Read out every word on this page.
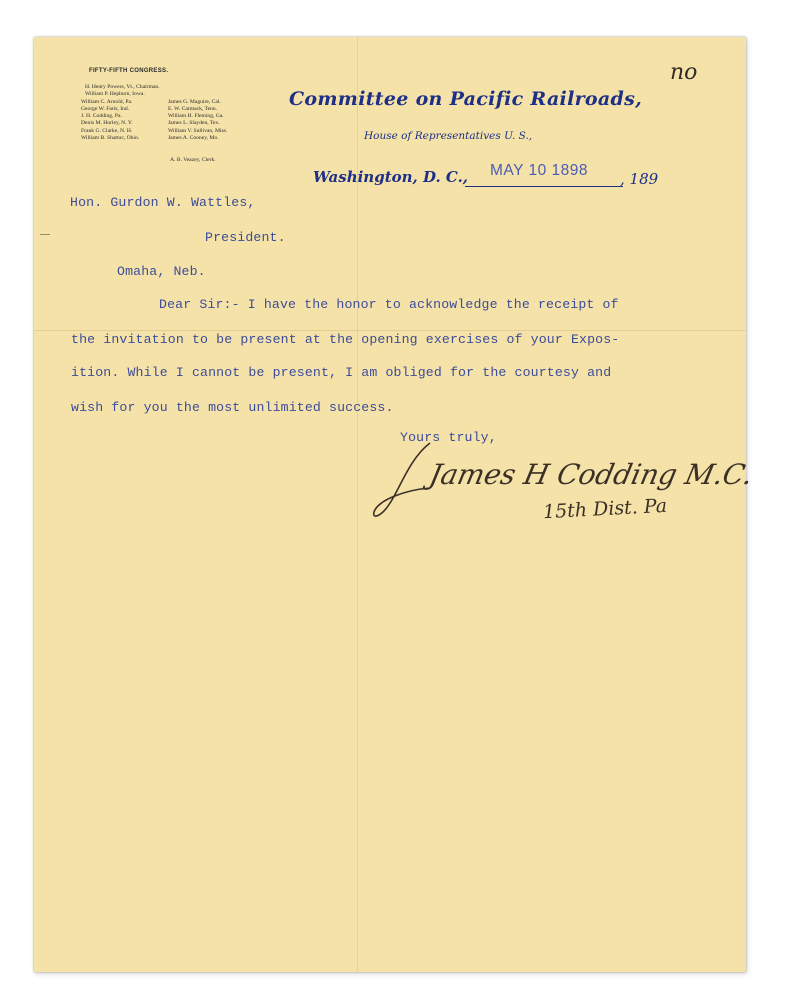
FIFTY-FIFTH CONGRESS.

H. Henry Powers, Vt., Chairman.
William P. Hepburn, Iowa.
William C. Arnold, Pa.	James G. Maguire, Cal.
George W. Faris, Ind.	E. W. Carmack, Tenn.
J. H. Codding, Pa.	William H. Fleming, Ga.
Denis M. Hurley, N. Y.	James L. Slayden, Tex.
Frank G. Clarke, N. H.	William V. Sullivan, Miss.
William B. Shattuc, Ohio.	James A. Cooney, Mo.
A. B. Veazey, Clerk.
Committee on Pacific Railroads,
House of Representatives U. S.,
Washington, D. C., MAY 10 1898 , 189
no
Hon. Gurdon W. Wattles,
President.
Omaha, Neb.
Dear Sir:- I have the honor to acknowledge the receipt of
the invitation to be present at the opening exercises of your Expos-
ition. While I cannot be present, I am obliged for the courtesy and
wish for you the most unlimited success.
Yours truly,
James H Codding M.C.
15th Dist. Pa
